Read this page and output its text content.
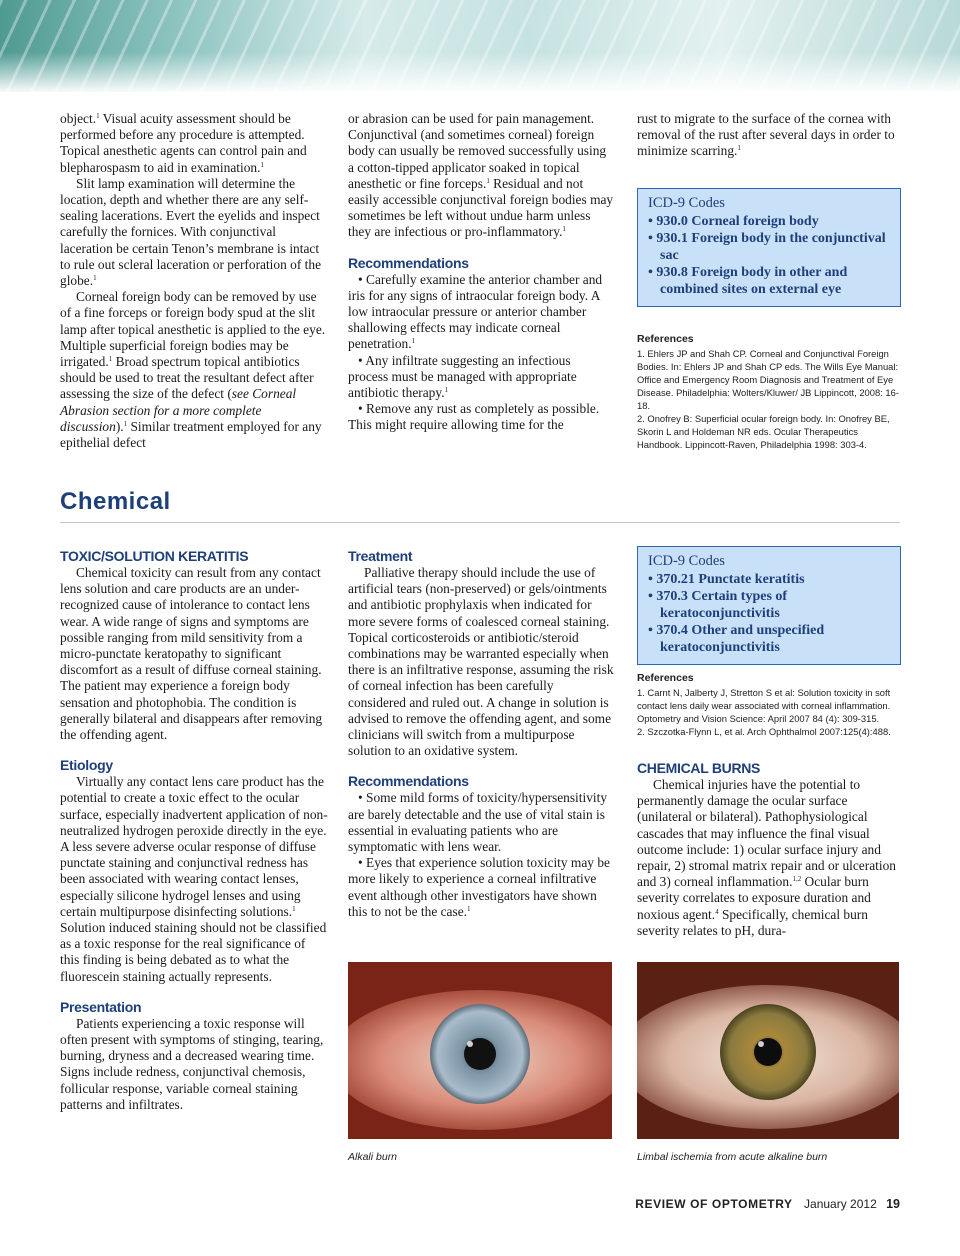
object.$^1$ Visual acuity assessment should be performed before any procedure is attempted. Topical anesthetic agents can control pain and blepharospasm to aid in examination.$^1$

Slit lamp examination will determine the location, depth and whether there are any self-sealing lacerations. Evert the eyelids and inspect carefully the fornices. With conjunctival laceration be certain Tenon’s membrane is intact to rule out scleral laceration or perforation of the globe.$^1$

Corneal foreign body can be removed by use of a fine forceps or foreign body spud at the slit lamp after topical anesthetic is applied to the eye. Multiple superficial foreign bodies may be irrigated.$^1$ Broad spectrum topical antibiotics should be used to treat the resultant defect after assessing the size of the defect (see Corneal Abrasion section for a more complete discussion).$^1$ Similar treatment employed for any epithelial defect

or abrasion can be used for pain management. Conjunctival (and sometimes corneal) foreign body can usually be removed successfully using a cotton-tipped applicator soaked in topical anesthetic or fine forceps.$^1$ Residual and not easily accessible conjunctival foreign bodies may sometimes be left without undue harm unless they are infectious or pro-inflammatory.$^1$

Recommendations

• Carefully examine the anterior chamber and iris for any signs of intraocular foreign body. A low intraocular pressure or anterior chamber shallowing effects may indicate corneal penetration.$^1$

• Any infiltrate suggesting an infectious process must be managed with appropriate antibiotic therapy.$^1$

• Remove any rust as completely as possible. This might require allowing time for the

rust to migrate to the surface of the cornea with removal of the rust after several days in order to minimize scarring.$^1$

ICD-9 Codes
• 930.0 Corneal foreign body
• 930.1 Foreign body in the conjunctival sac
• 930.8 Foreign body in other and combined sites on external eye
References
1. Ehlers JP and Shah CP. Corneal and Conjunctival Foreign Bodies. In: Ehlers JP and Shah CP eds. The Wills Eye Manual: Office and Emergency Room Diagnosis and Treatment of Eye Disease. Philadelphia: Wolters/Kluwer/ JB Lippincott, 2008: 16-18.
2. Onofrey B: Superficial ocular foreign body. In: Onofrey BE, Skorin L and Holdeman NR eds. Ocular Therapeutics Handbook. Lippincott-Raven, Philadelphia 1998: 303-4.
Chemical
TOXIC/SOLUTION KERATITIS

Chemical toxicity can result from any contact lens solution and care products are an under-recognized cause of intolerance to contact lens wear. A wide range of signs and symptoms are possible ranging from mild sensitivity from a micro-punctate keratopathy to significant discomfort as a result of diffuse corneal staining. The patient may experience a foreign body sensation and photophobia. The condition is generally bilateral and disappears after removing the offending agent.

Etiology

Virtually any contact lens care product has the potential to create a toxic effect to the ocular surface, especially inadvertent application of non-neutralized hydrogen peroxide directly in the eye. A less severe adverse ocular response of diffuse punctate staining and conjunctival redness has been associated with wearing contact lenses, especially silicone hydrogel lenses and using certain multipurpose disinfecting solutions.$^1$ Solution induced staining should not be classified as a toxic response for the real significance of this finding is being debated as to what the fluorescein staining actually represents.

Presentation

Patients experiencing a toxic response will often present with symptoms of stinging, tearing, burning, dryness and a decreased wearing time. Signs include redness, conjunctival chemosis, follicular response, variable corneal staining patterns and infiltrates.

Treatment

Palliative therapy should include the use of artificial tears (non-preserved) or gels/ointments and antibiotic prophylaxis when indicated for more severe forms of coalesced corneal staining. Topical corticosteroids or antibiotic/steroid combinations may be warranted especially when there is an infiltrative response, assuming the risk of corneal infection has been carefully considered and ruled out. A change in solution is advised to remove the offending agent, and some clinicians will switch from a multipurpose solution to an oxidative system.

Recommendations

• Some mild forms of toxicity/hypersensitivity are barely detectable and the use of vital stain is essential in evaluating patients who are symptomatic with lens wear.

• Eyes that experience solution toxicity may be more likely to experience a corneal infiltrative event although other investigators have shown this to not be the case.$^1$

ICD-9 Codes
• 370.21 Punctate keratitis
• 370.3 Certain types of keratoconjunctivitis
• 370.4 Other and unspecified keratoconjunctivitis
References
1. Carnt N, Jalberty J, Stretton S et al: Solution toxicity in soft contact lens daily wear associated with corneal inflammation. Optometry and Vision Science: April 2007 84 (4): 309-315.
2. Szczotka-Flynn L, et al. Arch Ophthalmol 2007:125(4):488.
CHEMICAL BURNS

Chemical injuries have the potential to permanently damage the ocular surface (unilateral or bilateral). Pathophysiological cascades that may influence the final visual outcome include: 1) ocular surface injury and repair, 2) stromal matrix repair and or ulceration and 3) corneal inflammation.$^{1,2}$ Ocular burn severity correlates to exposure duration and noxious agent.$^4$ Specifically, chemical burn severity relates to pH, dura-

Alkali burn	Limbal ischemia from acute alkaline burn
REVIEW OF OPTOMETRY January 2012 19
